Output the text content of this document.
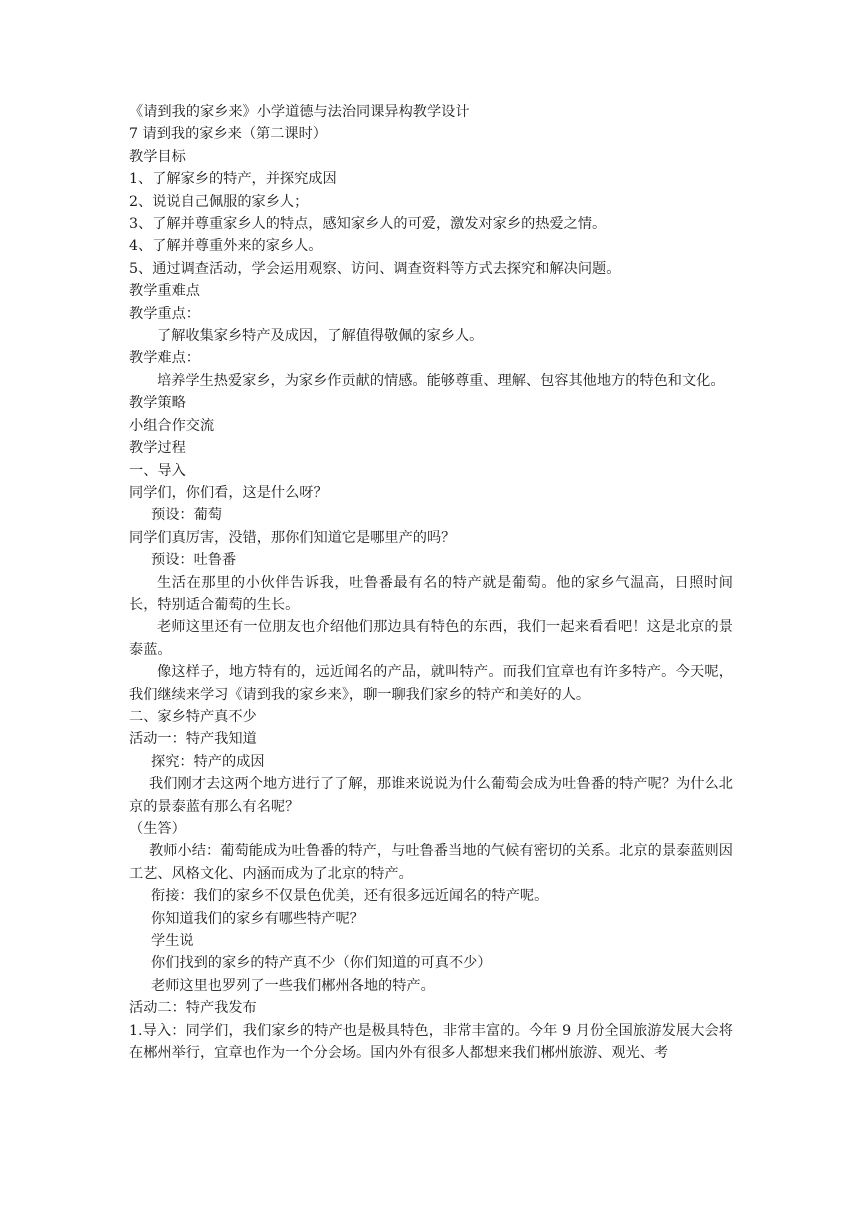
《请到我的家乡来》小学道德与法治同课异构教学设计

7 请到我的家乡来（第二课时）

教学目标

1、了解家乡的特产，并探究成因

2、说说自己佩服的家乡人；

3、了解并尊重家乡人的特点，感知家乡人的可爱，激发对家乡的热爱之情。

4、了解并尊重外来的家乡人。

5、通过调查活动，学会运用观察、访问、调查资料等方式去探究和解决问题。

教学重难点

教学重点：

了解收集家乡特产及成因，了解值得敬佩的家乡人。

教学难点：

培养学生热爱家乡，为家乡作贡献的情感。能够尊重、理解、包容其他地方的特色和文化。

教学策略

小组合作交流

教学过程

一、导入

同学们，你们看，这是什么呀？

预设：葡萄

同学们真厉害，没错，那你们知道它是哪里产的吗？

预设：吐鲁番

生活在那里的小伙伴告诉我，吐鲁番最有名的特产就是葡萄。他的家乡气温高，日照时间长，特别适合葡萄的生长。

老师这里还有一位朋友也介绍他们那边具有特色的东西，我们一起来看看吧！这是北京的景泰蓝。

像这样子，地方特有的，远近闻名的产品，就叫特产。而我们宜章也有许多特产。今天呢，我们继续来学习《请到我的家乡来》，聊一聊我们家乡的特产和美好的人。

二、家乡特产真不少

活动一：特产我知道

探究：特产的成因

我们刚才去这两个地方进行了了解，那谁来说说为什么葡萄会成为吐鲁番的特产呢？为什么北京的景泰蓝有那么有名呢？

（生答）

教师小结：葡萄能成为吐鲁番的特产，与吐鲁番当地的气候有密切的关系。北京的景泰蓝则因工艺、风格文化、内涵而成为了北京的特产。

衔接：我们的家乡不仅景色优美，还有很多远近闻名的特产呢。

你知道我们的家乡有哪些特产呢？

学生说

你们找到的家乡的特产真不少（你们知道的可真不少）

老师这里也罗列了一些我们郴州各地的特产。

活动二：特产我发布

1.导入：同学们，我们家乡的特产也是极具特色，非常丰富的。今年 9 月份全国旅游发展大会将在郴州举行，宜章也作为一个分会场。国内外有很多人都想来我们郴州旅游、观光、考
